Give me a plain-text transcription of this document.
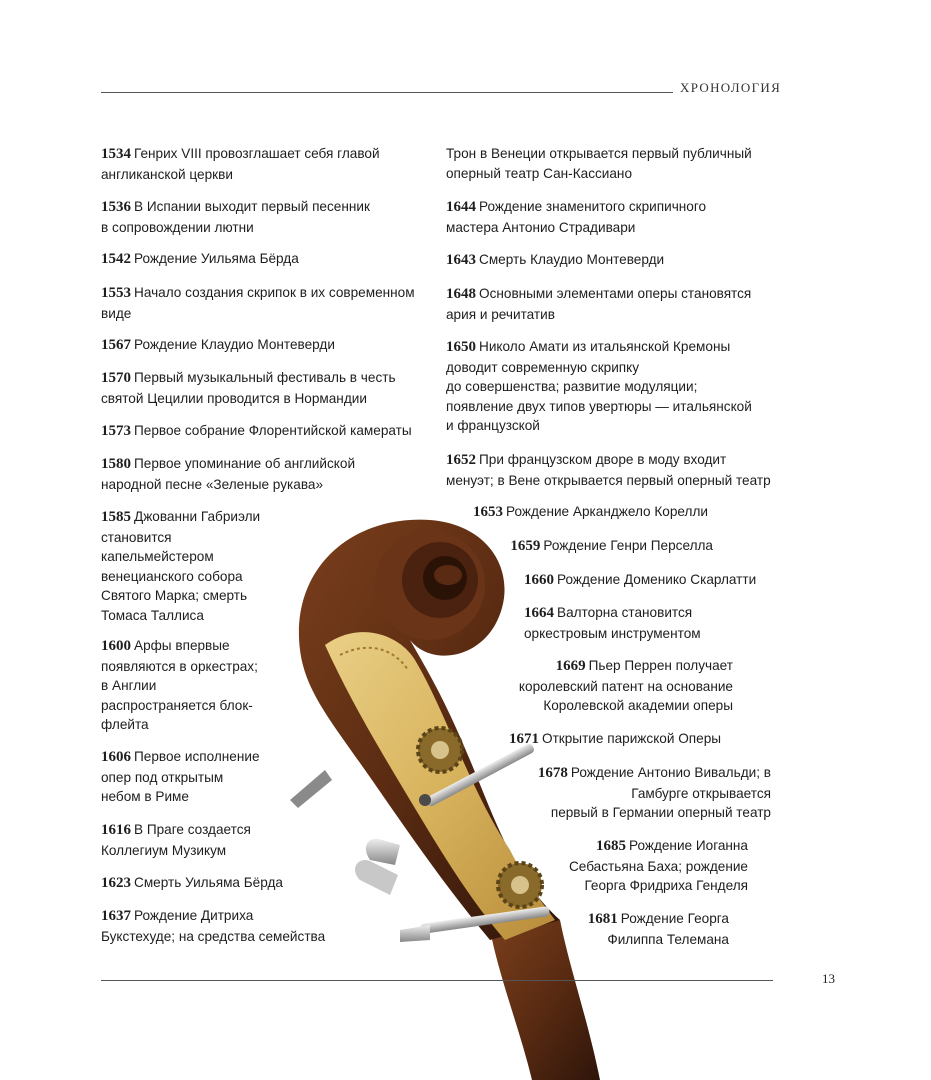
ХРОНОЛОГИЯ
1534 Генрих VIII провозглашает себя главой
англиканской церкви
1536 В Испании выходит первый песенник
в сопровождении лютни
1542 Рождение Уильяма Бёрда
1553 Начало создания скрипок в их современном
виде
1567 Рождение Клаудио Монтеверди
1570 Первый музыкальный фестиваль в честь
святой Цецилии проводится в Нормандии
1573 Первое собрание Флорентийской камераты
1580 Первое упоминание об английской
народной песне «Зеленые рукава»
1585 Джованни Габриэли
становится
капельмейстером
венецианского собора
Святого Марка; смерть
Томаса Таллиса
1600 Арфы впервые
появляются в оркестрах;
в Англии
распространяется блок-
флейта
1606 Первое исполнение
опер под открытым
небом в Риме
1616 В Праге создается
Коллегиум Музикум
1623 Смерть Уильяма Бёрда
1637 Рождение Дитриха
Букстехуде; на средства семейства
Трон в Венеции открывается первый публичный
оперный театр Сан-Кассиано
1644 Рождение знаменитого скрипичного
мастера Антонио Страдивари
1643 Смерть Клаудио Монтеверди
1648 Основными элементами оперы становятся
ария и речитатив
1650 Николо Амати из итальянской Кремоны
доводит современную скрипку
до совершенства; развитие модуляции;
появление двух типов увертюры — итальянской
и французской
1652 При французском дворе в моду входит
менуэт; в Вене открывается первый оперный театр
1653 Рождение Арканджело Корелли
1659 Рождение Генри Перселла
1660 Рождение Доменико Скарлатти
1664 Валторна становится
оркестровым инструментом
1669 Пьер Перрен получает
королевский патент на основание
Королевской академии оперы
1671 Открытие парижской Оперы
1678 Рождение Антонио Вивальди; в
Гамбурге открывается
первый в Германии оперный театр
1685 Рождение Иоганна
Себастьяна Баха; рождение
Георга Фридриха Генделя
1681 Рождение Георга
Филиппа Телемана
13
